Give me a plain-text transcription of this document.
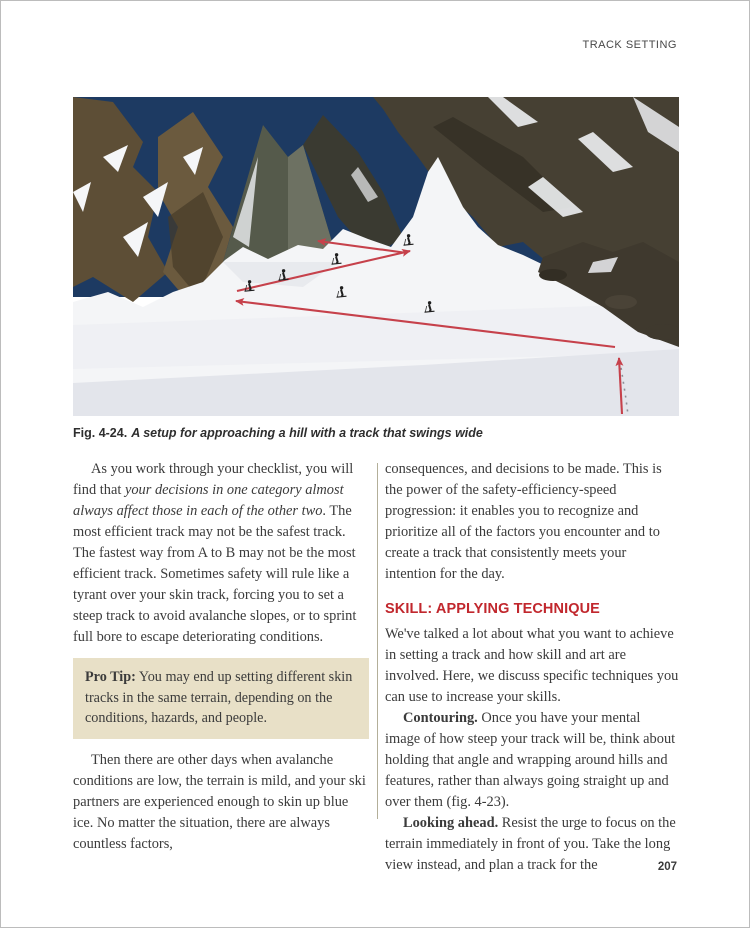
TRACK SETTING
Fig. 4-24. A setup for approaching a hill with a track that swings wide

As you work through your checklist, you will find that your decisions in one category almost always affect those in each of the other two. The most efficient track may not be the safest track. The fastest way from A to B may not be the most efficient track. Sometimes safety will rule like a tyrant over your skin track, forcing you to set a steep track to avoid avalanche slopes, or to sprint full bore to escape deteriorating conditions.

Pro Tip: You may end up setting different skin tracks in the same terrain, depending on the conditions, hazards, and people.

Then there are other days when avalanche conditions are low, the terrain is mild, and your ski partners are experienced enough to skin up blue ice. No matter the situation, there are always countless factors,

consequences, and decisions to be made. This is the power of the safety-efficiency-speed progression: it enables you to recognize and prioritize all of the factors you encounter and to create a track that consistently meets your intention for the day.

SKILL: APPLYING TECHNIQUE

We've talked a lot about what you want to achieve in setting a track and how skill and art are involved. Here, we discuss specific techniques you can use to increase your skills.

Contouring. Once you have your mental image of how steep your track will be, think about holding that angle and wrapping around hills and features, rather than always going straight up and over them (fig. 4-23).

Looking ahead. Resist the urge to focus on the terrain immediately in front of you. Take the long view instead, and plan a track for the	207
